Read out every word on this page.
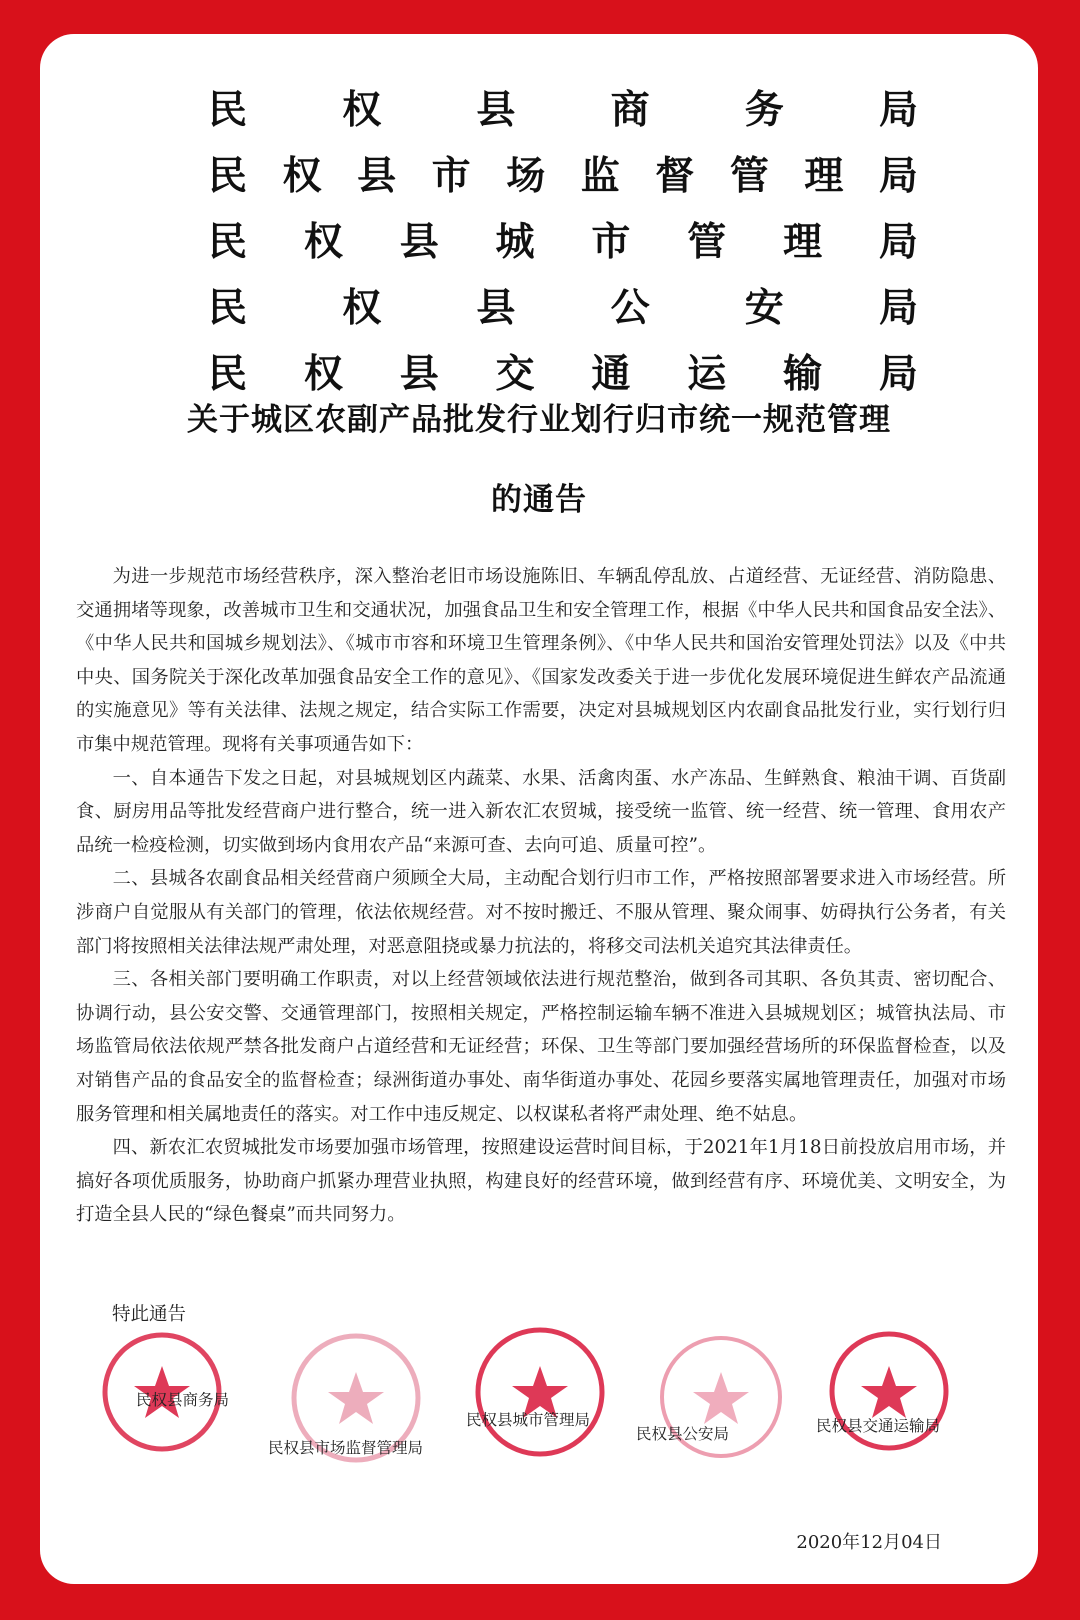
民 权 县 商 务 局
民 权 县 市 场 监 督 管 理 局
民 权 县 城 市 管 理 局
民 权 县 公 安 局
民 权 县 交 通 运 输 局
关于城区农副产品批发行业划行归市统一规范管理
的通告

为进一步规范市场经营秩序，深入整治老旧市场设施陈旧、车辆乱停乱放、占道经营、无证经营、消防隐患、交通拥堵等现象，改善城市卫生和交通状况，加强食品卫生和安全管理工作，根据《中华人民共和国食品安全法》、《中华人民共和国城乡规划法》、《城市市容和环境卫生管理条例》、《中华人民共和国治安管理处罚法》以及《中共中央、国务院关于深化改革加强食品安全工作的意见》、《国家发改委关于进一步优化发展环境促进生鲜农产品流通的实施意见》等有关法律、法规之规定，结合实际工作需要，决定对县城规划区内农副食品批发行业，实行划行归市集中规范管理。现将有关事项通告如下：

一、自本通告下发之日起，对县城规划区内蔬菜、水果、活禽肉蛋、水产冻品、生鲜熟食、粮油干调、百货副食、厨房用品等批发经营商户进行整合，统一进入新农汇农贸城，接受统一监管、统一经营、统一管理、食用农产品统一检疫检测，切实做到场内食用农产品“来源可查、去向可追、质量可控”。

二、县城各农副食品相关经营商户须顾全大局，主动配合划行归市工作，严格按照部署要求进入市场经营。所涉商户自觉服从有关部门的管理，依法依规经营。对不按时搬迁、不服从管理、聚众闹事、妨碍执行公务者，有关部门将按照相关法律法规严肃处理，对恶意阻挠或暴力抗法的，将移交司法机关追究其法律责任。

三、各相关部门要明确工作职责，对以上经营领域依法进行规范整治，做到各司其职、各负其责、密切配合、协调行动，县公安交警、交通管理部门，按照相关规定，严格控制运输车辆不准进入县城规划区；城管执法局、市场监管局依法依规严禁各批发商户占道经营和无证经营；环保、卫生等部门要加强经营场所的环保监督检查，以及对销售产品的食品安全的监督检查；绿洲街道办事处、南华街道办事处、花园乡要落实属地管理责任，加强对市场服务管理和相关属地责任的落实。对工作中违反规定、以权谋私者将严肃处理、绝不姑息。

四、新农汇农贸城批发市场要加强市场管理，按照建设运营时间目标，于2021年1月18日前投放启用市场，并搞好各项优质服务，协助商户抓紧办理营业执照，构建良好的经营环境，做到经营有序、环境优美、文明安全，为打造全县人民的“绿色餐桌”而共同努力。

特此通告
民权县商务局
民权县市场监督管理局
民权县城市管理局
民权县公安局	民权县交通运输局
2020年12月04日
